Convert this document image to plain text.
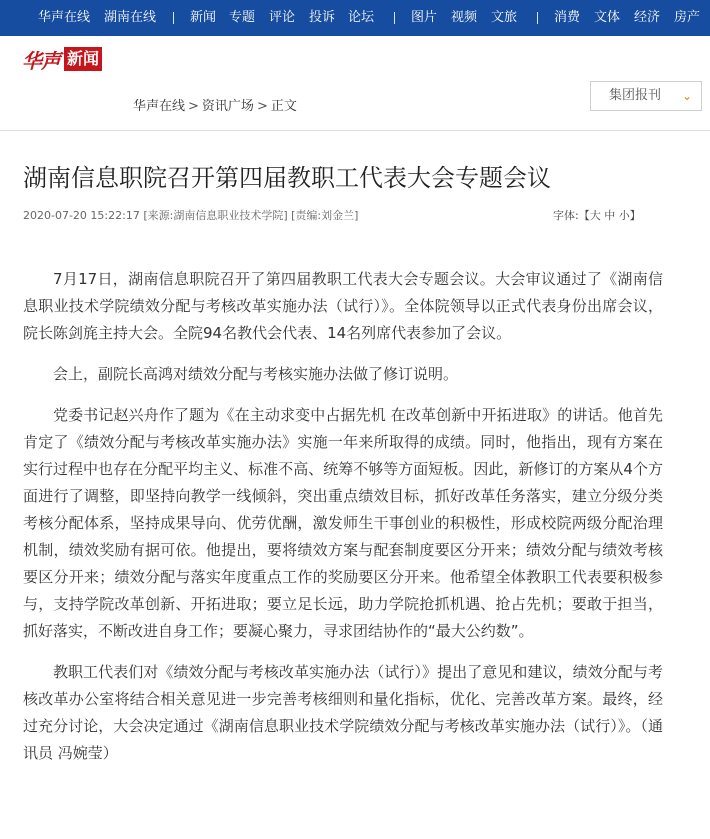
华声在线 湖南在线	新闻 专题 评论 投诉 论坛	图片 视频 文旅	消费 文体 经济 房产
华声 新闻
华声在线 > 资讯广场 > 正文
集团报刊 ⌄
湖南信息职院召开第四届教职工代表大会专题会议
2020-07-20 15:22:17 [来源:湖南信息职业技术学院] [责编:刘金兰]	字体:【大 中 小】

7月17日，湖南信息职院召开了第四届教职工代表大会专题会议。大会审议通过了《湖南信息职业技术学院绩效分配与考核改革实施办法（试行）》。全体院领导以正式代表身份出席会议，院长陈剑旄主持大会。全院94名教代会代表、14名列席代表参加了会议。

会上，副院长高鸿对绩效分配与考核实施办法做了修订说明。

党委书记赵兴舟作了题为《在主动求变中占据先机 在改革创新中开拓进取》的讲话。他首先肯定了《绩效分配与考核改革实施办法》实施一年来所取得的成绩。同时，他指出，现有方案在实行过程中也存在分配平均主义、标准不高、统筹不够等方面短板。因此，新修订的方案从4个方面进行了调整，即坚持向教学一线倾斜，突出重点绩效目标，抓好改革任务落实，建立分级分类考核分配体系，坚持成果导向、优劳优酬，激发师生干事创业的积极性，形成校院两级分配治理机制，绩效奖励有据可依。他提出，要将绩效方案与配套制度要区分开来；绩效分配与绩效考核要区分开来；绩效分配与落实年度重点工作的奖励要区分开来。他希望全体教职工代表要积极参与，支持学院改革创新、开拓进取；要立足长远，助力学院抢抓机遇、抢占先机；要敢于担当，抓好落实，不断改进自身工作；要凝心聚力，寻求团结协作的“最大公约数”。

教职工代表们对《绩效分配与考核改革实施办法（试行）》提出了意见和建议，绩效分配与考核改革办公室将结合相关意见进一步完善考核细则和量化指标，优化、完善改革方案。最终，经过充分讨论，大会决定通过《湖南信息职业技术学院绩效分配与考核改革实施办法（试行）》。（通讯员 冯婉莹）
